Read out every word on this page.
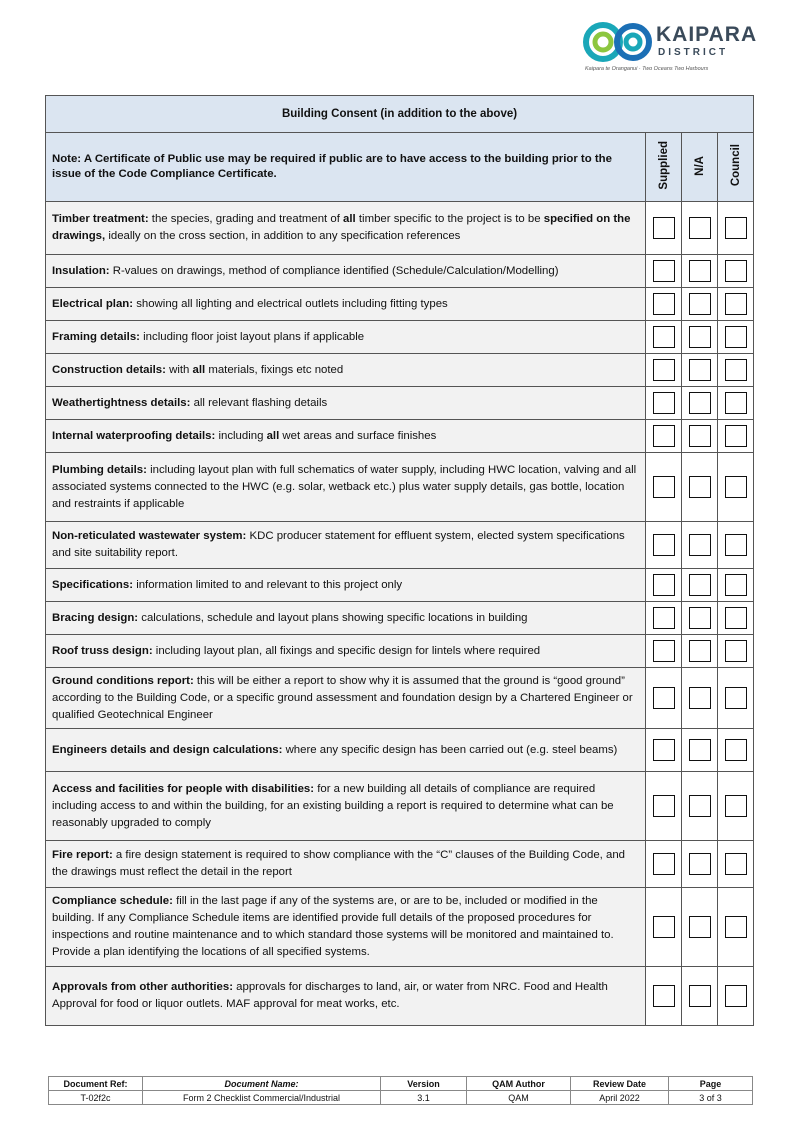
KAIPARA
DISTRICT
Kaipara te Oranganui · Two Oceans Two Harbours
Building Consent (in addition to the above)			
Note: A Certificate of Public use may be required if public are to have access to the building prior to the issue of the Code Compliance Certificate.	Supplied	N/A	Council
Timber treatment: the species, grading and treatment of all timber specific to the project is to be specified on the drawings, ideally on the cross section, in addition to any specification references			
Insulation: R-values on drawings, method of compliance identified (Schedule/Calculation/Modelling)			
Electrical plan: showing all lighting and electrical outlets including fitting types			
Framing details: including floor joist layout plans if applicable			
Construction details: with all materials, fixings etc noted			
Weathertightness details: all relevant flashing details			
Internal waterproofing details: including all wet areas and surface finishes			
Plumbing details: including layout plan with full schematics of water supply, including HWC location, valving and all associated systems connected to the HWC (e.g. solar, wetback etc.) plus water supply details, gas bottle, location and restraints if applicable			
Non-reticulated wastewater system: KDC producer statement for effluent system, elected system specifications and site suitability report.			
Specifications: information limited to and relevant to this project only			
Bracing design: calculations, schedule and layout plans showing specific locations in building			
Roof truss design: including layout plan, all fixings and specific design for lintels where required			
Ground conditions report: this will be either a report to show why it is assumed that the ground is “good ground” according to the Building Code, or a specific ground assessment and foundation design by a Chartered Engineer or qualified Geotechnical Engineer			
Engineers details and design calculations: where any specific design has been carried out (e.g. steel beams)			
Access and facilities for people with disabilities: for a new building all details of compliance are required including access to and within the building, for an existing building a report is required to determine what can be reasonably upgraded to comply			
Fire report: a fire design statement is required to show compliance with the “C” clauses of the Building Code, and the drawings must reflect the detail in the report			
Compliance schedule: fill in the last page if any of the systems are, or are to be, included or modified in the building. If any Compliance Schedule items are identified provide full details of the proposed procedures for inspections and routine maintenance and to which standard those systems will be monitored and maintained to. Provide a plan identifying the locations of all specified systems.			
Approvals from other authorities: approvals for discharges to land, air, or water from NRC. Food and Health Approval for food or liquor outlets. MAF approval for meat works, etc.			
Document Ref:	Document Name:	Version	QAM Author	Review Date	Page
T-02f2c	Form 2 Checklist Commercial/Industrial	3.1	QAM	April 2022	3 of 3
